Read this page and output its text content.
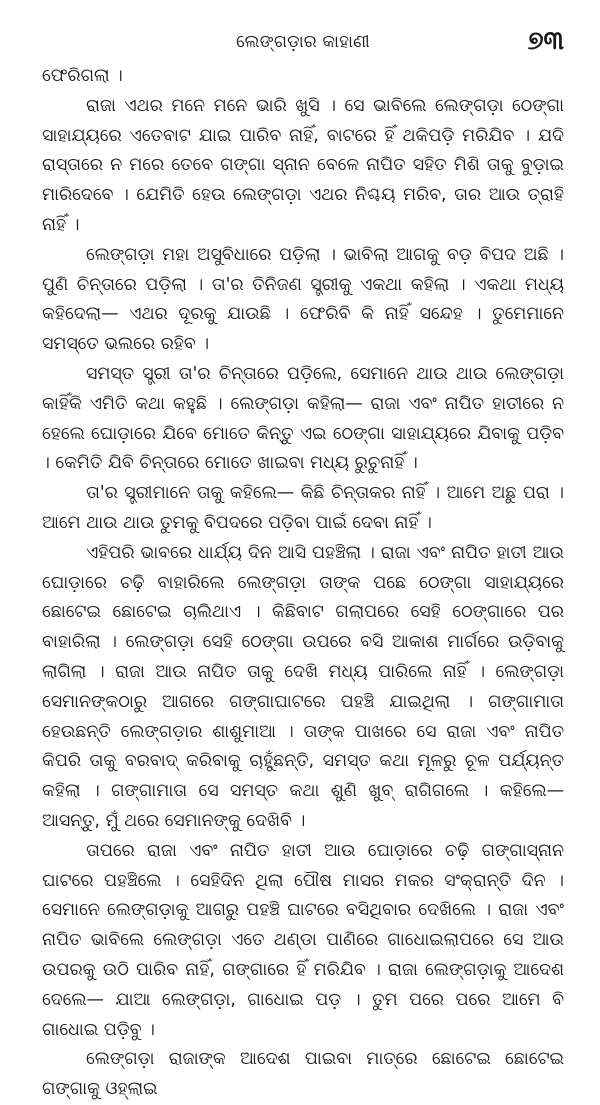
ଲେଙ୍ଗଡ଼ାର କାହାଣୀ	୭୩

ଫେରିଗଲା ।

ରାଜା ଏଥର ମନେ ମନେ ଭାରି ଖୁସି । ସେ ଭାବିଲେ ଲେଙ୍ଗଡ଼ା ଠେଙ୍ଗା ସାହାଯ୍ୟରେ ଏତେବାଟ ଯାଇ ପାରିବ ନାହିଁ, ବାଟରେ ହିଁ ଥକିପଡ଼ି ମରିଯିବ । ଯଦି ରାସ୍ତାରେ ନ ମରେ ତେବେ ଗଙ୍ଗା ସ୍ନାନ ବେଳେ ନାପିତ ସହିତ ମିଶି ତାକୁ ବୁଡ଼ାଇ ମାରିଦେବେ । ଯେମିତି ହେଉ ଲେଙ୍ଗଡ଼ା ଏଥର ନିଶ୍ଚୟ ମରିବ, ତାର ଆଉ ତ୍ରାହି ନାହିଁ ।

ଲେଙ୍ଗଡ଼ା ମହା ଅସୁବିଧାରେ ପଡ଼ିଲା । ଭାବିଲା ଆଗକୁ ବଡ଼ ବିପଦ ଅଛି । ପୁଣି ଚିନ୍ତାରେ ପଡ଼ିଲା । ତା'ର ତିନିଜଣ ସ୍ତ୍ରୀକୁ ଏକଥା କହିଲା । ଏକଥା ମଧ୍ୟ କହିଦେଲା— ଏଥର ଦୂରକୁ ଯାଉଛି । ଫେରିବି କି ନାହିଁ ସନ୍ଦେହ । ତୁମେମାନେ ସମସ୍ତେ ଭଲରେ ରହିବ ।

ସମସ୍ତ ସ୍ତ୍ରୀ ତା'ର ଚିନ୍ତାରେ ପଡ଼ିଲେ, ସେମାନେ ଥାଉ ଥାଉ ଲେଙ୍ଗଡ଼ା କାହିଁକି ଏମିତି କଥା କହୁଛି । ଲେଙ୍ଗଡ଼ା କହିଲା— ରାଜା ଏବଂ ନାପିତ ହାତୀରେ ନ ହେଲେ ଘୋଡ଼ାରେ ଯିବେ ମୋତେ କିନ୍ତୁ ଏଇ ଠେଙ୍ଗା ସାହାଯ୍ୟରେ ଯିବାକୁ ପଡ଼ିବ । କେମିତି ଯିବି ଚିନ୍ତାରେ ମୋତେ ଖାଇବା ମଧ୍ୟ ରୁଚୁନାହିଁ ।

ତା'ର ସ୍ତ୍ରୀମାନେ ତାକୁ କହିଲେ— କିଛି ଚିନ୍ତାକର ନାହିଁ । ଆମେ ଅଛୁ ପରା । ଆମେ ଥାଉ ଥାଉ ତୁମକୁ ବିପଦରେ ପଡ଼ିବା ପାଇଁ ଦେବା ନାହିଁ ।

ଏହିପରି ଭାବରେ ଧାର୍ଯ୍ୟ ଦିନ ଆସି ପହଞ୍ଚିଲା । ରାଜା ଏବଂ ନାପିତ ହାତୀ ଆଉ ଘୋଡ଼ାରେ ଚଢ଼ି ବାହାରିଲେ ଲେଙ୍ଗଡ଼ା ତାଙ୍କ ପଛେ ଠେଙ୍ଗା ସାହାଯ୍ୟରେ ଛୋଟେଇ ଛୋଟେଇ ଚାଲିଥାଏ । କିଛିବାଟ ଗଲାପରେ ସେହି ଠେଙ୍ଗାରେ ପର ବାହାରିଲା । ଲେଙ୍ଗଡ଼ା ସେହି ଠେଙ୍ଗା ଉପରେ ବସି ଆକାଶ ମାର୍ଗରେ ଉଡ଼ିବାକୁ ଲାଗିଲା । ରାଜା ଆଉ ନାପିତ ତାକୁ ଦେଖି ମଧ୍ୟ ପାରିଲେ ନାହିଁ । ଲେଙ୍ଗଡ଼ା ସେମାନଙ୍କଠାରୁ ଆଗରେ ଗଙ୍ଗାଘାଟରେ ପହଞ୍ଚି ଯାଇଥିଲା । ଗଙ୍ଗାମାତା ହେଉଛନ୍ତି ଲେଙ୍ଗଡ଼ାର ଶାଶୁମାଆ । ତାଙ୍କ ପାଖରେ ସେ ରାଜା ଏବଂ ନାପିତ କିପରି ତାକୁ ବରବାଦ୍ କରିବାକୁ ଚାହୁଁଛନ୍ତି, ସମସ୍ତ କଥା ମୂଳରୁ ଚୂଳ ପର୍ଯ୍ୟନ୍ତ କହିଲା । ଗଙ୍ଗାମାତା ସେ ସମସ୍ତ କଥା ଶୁଣି ଖୁବ୍ ରାଗିଗଲେ । କହିଲେ— ଆସନ୍ତୁ, ମୁଁ ଥରେ ସେମାନଙ୍କୁ ଦେଖିବି ।

ତାପରେ ରାଜା ଏବଂ ନାପିତ ହାତୀ ଆଉ ଘୋଡ଼ାରେ ଚଢ଼ି ଗଙ୍ଗାସ୍ନାନ ଘାଟରେ ପହଞ୍ଚିଲେ । ସେହିଦିନ ଥିଲା ପୌଷ ମାସର ମକର ସଂକ୍ରାନ୍ତି ଦିନ । ସେମାନେ ଲେଙ୍ଗଡ଼ାକୁ ଆଗରୁ ପହଞ୍ଚି ଘାଟରେ ବସିଥିବାର ଦେଖିଲେ । ରାଜା ଏବଂ ନାପିତ ଭାବିଲେ ଲେଙ୍ଗଡ଼ା ଏତେ ଥଣ୍ଡା ପାଣିରେ ଗାଧୋଇଲାପରେ ସେ ଆଉ ଉପରକୁ ଉଠି ପାରିବ ନାହିଁ, ଗଙ୍ଗାରେ ହିଁ ମରିଯିବ । ରାଜା ଲେଙ୍ଗଡ଼ାକୁ ଆଦେଶ ଦେଲେ— ଯାଆ ଲେଙ୍ଗଡ଼ା, ଗାଧୋଇ ପଡ଼ । ତୁମ ପରେ ପରେ ଆମେ ବି ଗାଧୋଇ ପଡ଼ିବୁ ।

ଲେଙ୍ଗଡ଼ା ରାଜାଙ୍କ ଆଦେଶ ପାଇବା ମାତ୍ରେ ଛୋଟେଇ ଛୋଟେଇ ଗଙ୍ଗାକୁ ଓହ୍ଲାଇ
